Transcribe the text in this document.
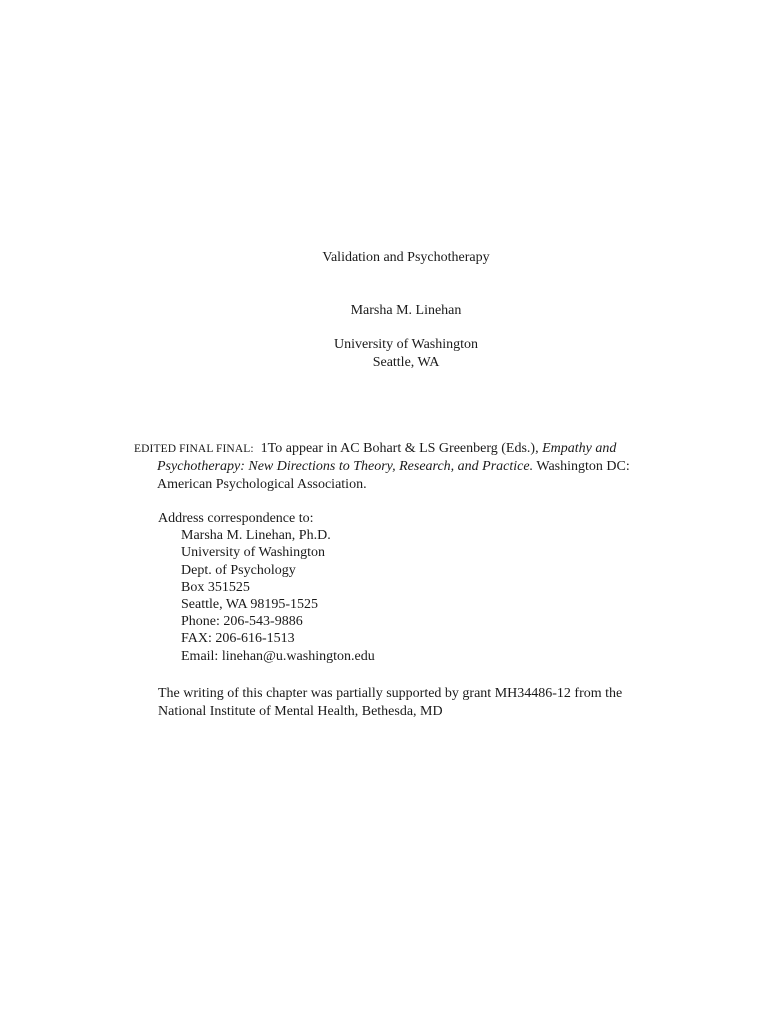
Validation and Psychotherapy
Marsha M. Linehan
University of Washington
Seattle, WA
EDITED FINAL FINAL: 1To appear in AC Bohart & LS Greenberg (Eds.), Empathy and Psychotherapy: New Directions to Theory, Research, and Practice. Washington DC: American Psychological Association.
Address correspondence to:
Marsha M. Linehan, Ph.D.
University of Washington
Dept. of Psychology
Box 351525
Seattle, WA 98195-1525
Phone: 206-543-9886
FAX: 206-616-1513
Email: linehan@u.washington.edu
The writing of this chapter was partially supported by grant MH34486-12 from the National Institute of Mental Health, Bethesda, MD
